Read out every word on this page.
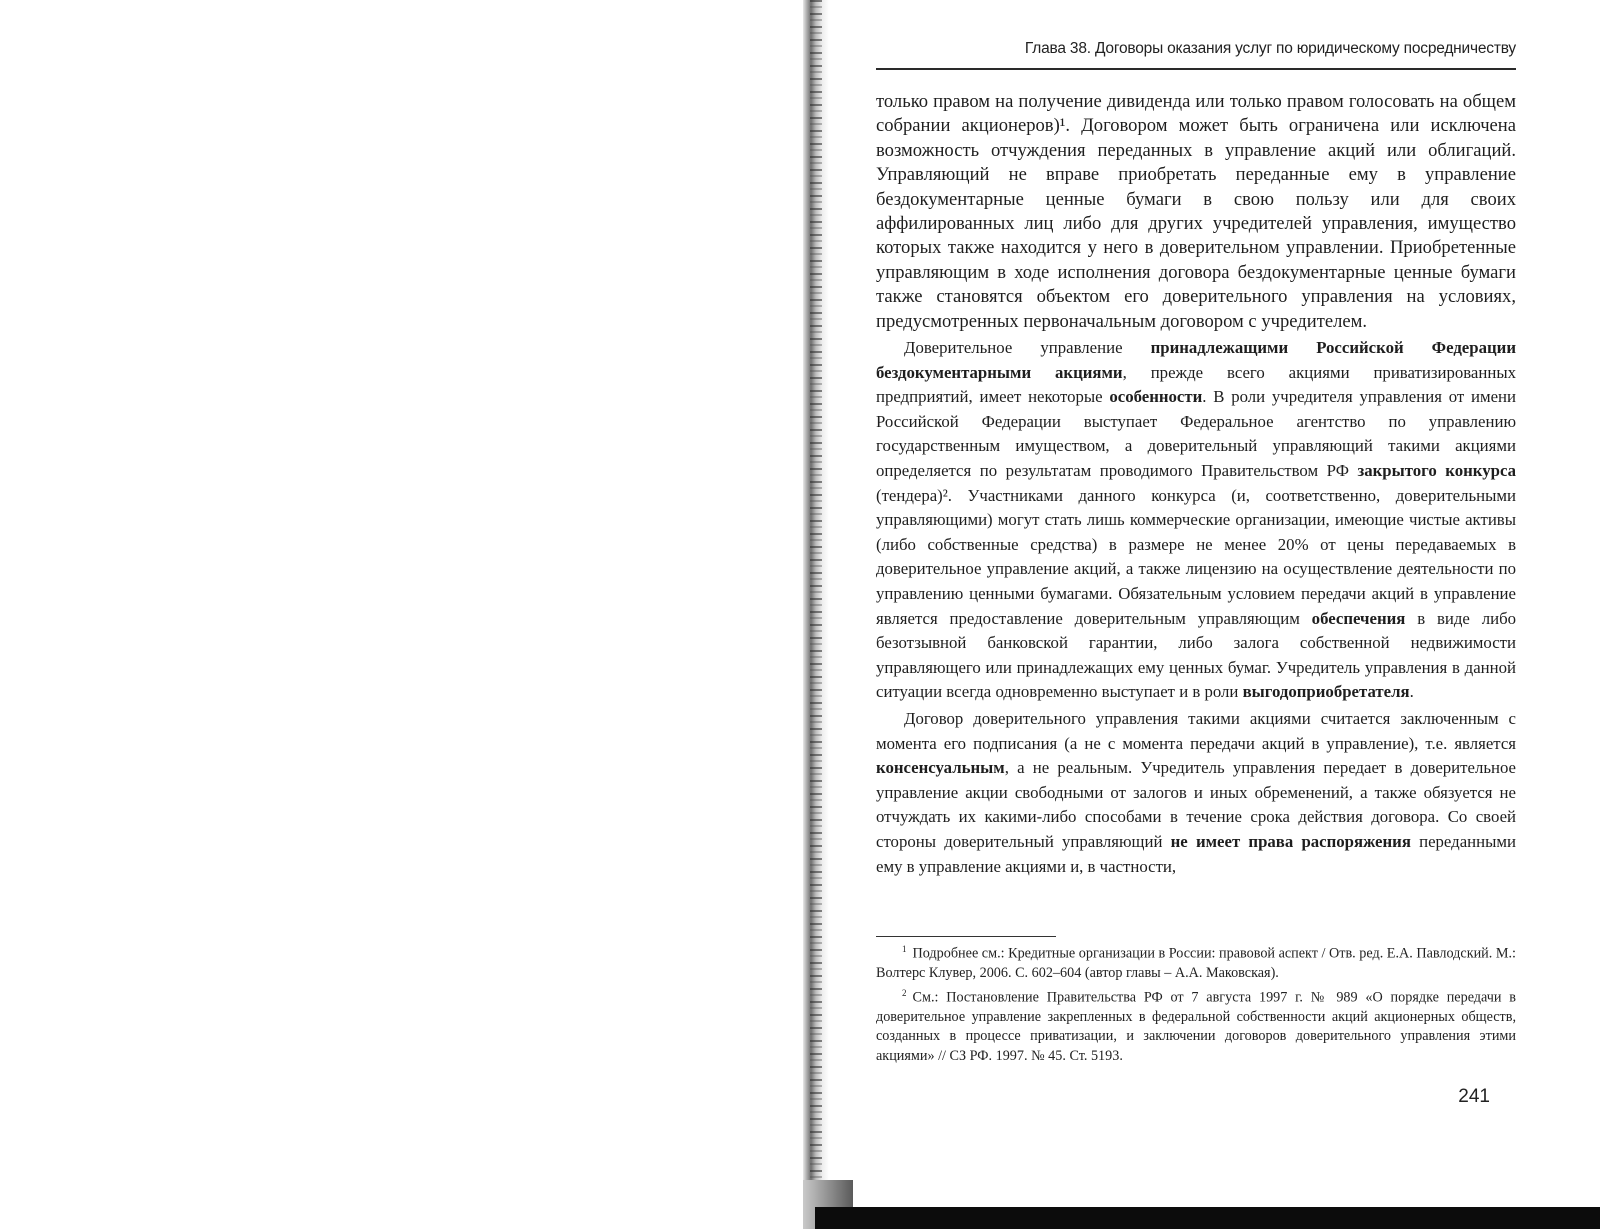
Глава 38. Договоры оказания услуг по юридическому посредничеству

только правом на получение дивиденда или только правом голосовать на общем собрании акционеров)¹. Договором может быть ограничена или исключена возможность отчуждения переданных в управление акций или облигаций. Управляющий не вправе приобретать переданные ему в управление бездокументарные ценные бумаги в свою пользу или для своих аффилированных лиц либо для других учредителей управления, имущество которых также находится у него в доверительном управлении. Приобретенные управляющим в ходе исполнения договора бездокументарные ценные бумаги также становятся объектом его доверительного управления на условиях, предусмотренных первоначальным договором с учредителем.

Доверительное управление принадлежащими Российской Федерации бездокументарными акциями, прежде всего акциями приватизированных предприятий, имеет некоторые особенности. В роли учредителя управления от имени Российской Федерации выступает Федеральное агентство по управлению государственным имуществом, а доверительный управляющий такими акциями определяется по результатам проводимого Правительством РФ закрытого конкурса (тендера)². Участниками данного конкурса (и, соответственно, доверительными управляющими) могут стать лишь коммерческие организации, имеющие чистые активы (либо собственные средства) в размере не менее 20% от цены передаваемых в доверительное управление акций, а также лицензию на осуществление деятельности по управлению ценными бумагами. Обязательным условием передачи акций в управление является предоставление доверительным управляющим обеспечения в виде либо безотзывной банковской гарантии, либо залога собственной недвижимости управляющего или принадлежащих ему ценных бумаг. Учредитель управления в данной ситуации всегда одновременно выступает и в роли выгодоприобретателя.

Договор доверительного управления такими акциями считается заключенным с момента его подписания (а не с момента передачи акций в управление), т.е. является консенсуальным, а не реальным. Учредитель управления передает в доверительное управление акции свободными от залогов и иных обременений, а также обязуется не отчуждать их какими-либо способами в течение срока действия договора. Со своей стороны доверительный управляющий не имеет права распоряжения переданными ему в управление акциями и, в частности,

$^1$ Подробнее см.: Кредитные организации в России: правовой аспект / Отв. ред. Е.А. Павлодский. М.: Волтерс Клувер, 2006. С. 602–604 (автор главы – А.А. Маковская).

$^2$ См.: Постановление Правительства РФ от 7 августа 1997 г. № 989 «О порядке передачи в доверительное управление закрепленных в федеральной собственности акций акционерных обществ, созданных в процессе приватизации, и заключении договоров доверительного управления этими акциями» // СЗ РФ. 1997. № 45. Ст. 5193.

241
